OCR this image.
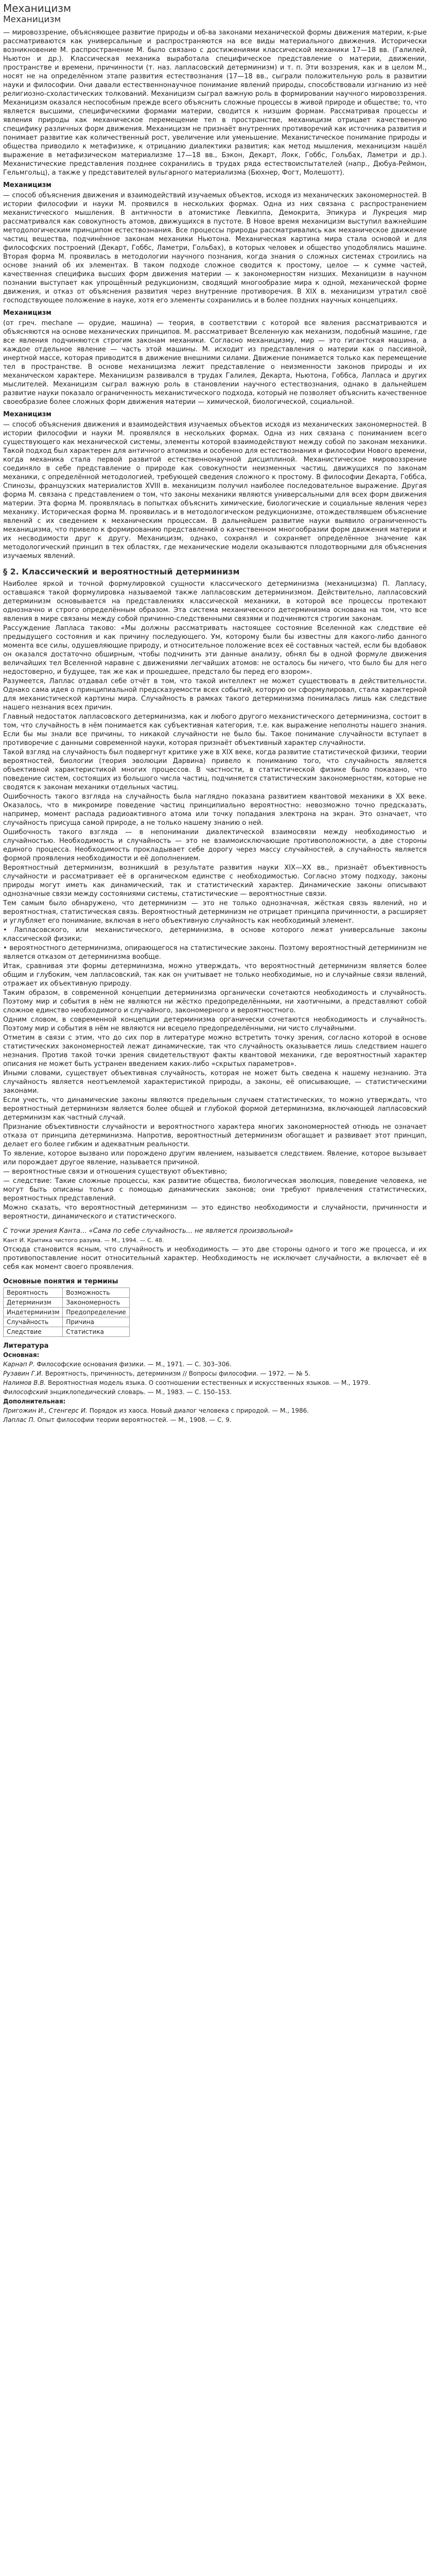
Механицизм
Механицизм
— мировоззрение, объясняющее развитие природы и об-ва законами механической формы движения материи, к-рые рассматриваются как универсальные и распространяются на все виды материального движения. Исторически возникновение М. распространение М. было связано с достижениями классической механики 17—18 вв. (Галилей, Ньютон и др.). Классическая механика выработала специфическое представление о материи, движении, пространстве и времени, причинности (т. наз. лапласовский детерминизм) и т. п. Эти воззрения, как и в целом М., носят не на определённом этапе развития естествознания (17—18 вв., сыграли положительную роль в развитии науки и философии. Они давали естественнонаучное понимание явлений природы, способствовали изгнанию из неё религиозно-схоластических толкований. Механицизм сыграл важную роль в формировании научного мировоззрения. Механицизм оказался неспособным прежде всего объяснить сложные процессы в живой природе и обществе; то, что является высшими, специфическими формами материи, сводится к низшим формам. Рассматривая процессы и явления природы как механическое перемещение тел в пространстве, механицизм отрицает качественную специфику различных форм движения. Механицизм не признаёт внутренних противоречий как источника развития и понимает развитие как количественный рост, увеличение или уменьшение. Механистическое понимание природы и общества приводило к метафизике, к отрицанию диалектики развития; как метод мышления, механицизм нашёл выражение в метафизическом материализме 17—18 вв., Бэкон, Декарт, Локк, Гоббс, Гольбах, Ламетри и др.). Механистические представления позднее сохранились в трудах ряда естествоиспытателей (напр., Дюбуа-Реймон, Гельмгольц), а также у представителей вульгарного материализма (Бюхнер, Фогт, Молешотт).
Механицизм
— способ объяснения движения и взаимодействий изучаемых объектов, исходя из механических закономерностей. В истории философии и науки М. проявился в нескольких формах. Одна из них связана с распространением механистического мышления. В античности в атомистике Левкиппа, Демокрита, Эпикура и Лукреция мир рассматривался как совокупность атомов, движущихся в пустоте. В Новое время механицизм выступил важнейшим методологическим принципом естествознания. Все процессы природы рассматривались как механическое движение частиц вещества, подчинённое законам механики Ньютона. Механическая картина мира стала основой и для философских построений (Декарт, Гоббс, Ламетри, Гольбах), в которых человек и общество уподоблялись машине. Вторая форма М. проявилась в методологии научного познания, когда знания о сложных системах строились на основе знаний об их элементах. В таком подходе сложное сводится к простому, целое — к сумме частей, качественная специфика высших форм движения материи — к закономерностям низших. Механицизм в научном познании выступает как упрощённый редукционизм, сводящий многообразие мира к одной, механической форме движения, и отказ от объяснения развития через внутренние противоречия. В XIX в. механицизм утратил своё господствующее положение в науке, хотя его элементы сохранились и в более поздних научных концепциях.
Механицизм
(от греч. mechane — орудие, машина) — теория, в соответствии с которой все явления рассматриваются и объясняются на основе механических принципов. М. рассматривает Вселенную как механизм, подобный машине, где все явления подчиняются строгим законам механики. Согласно механицизму, мир — это гигантская машина, а каждое отдельное явление — часть этой машины. М. исходит из представления о материи как о пассивной, инертной массе, которая приводится в движение внешними силами. Движение понимается только как перемещение тел в пространстве. В основе механицизма лежит представление о неизменности законов природы и их механическом характере. Механицизм развивался в трудах Галилея, Декарта, Ньютона, Гоббса, Лапласа и других мыслителей. Механицизм сыграл важную роль в становлении научного естествознания, однако в дальнейшем развитие науки показало ограниченность механистического подхода, который не позволяет объяснить качественное своеобразие более сложных форм движения материи — химической, биологической, социальной.
Механицизм
— способ объяснения движения и взаимодействия изучаемых объектов исходя из механических закономерностей. В истории философии и науки М. проявлялся в нескольких формах. Одна из них связана с пониманием всего существующего как механической системы, элементы которой взаимодействуют между собой по законам механики. Такой подход был характерен для античного атомизма и особенно для естествознания и философии Нового времени, когда механика стала первой развитой естественнонаучной дисциплиной. Механистическое мировоззрение соединяло в себе представление о природе как совокупности неизменных частиц, движущихся по законам механики, с определённой методологией, требующей сведения сложного к простому. В философии Декарта, Гоббса, Спинозы, французских материалистов XVIII в. механицизм получил наиболее последовательное выражение. Другая форма М. связана с представлением о том, что законы механики являются универсальными для всех форм движения материи. Эта форма М. проявлялась в попытках объяснить химические, биологические и социальные явления через механику. Историческая форма М. проявилась и в методологическом редукционизме, отождествлявшем объяснение явлений с их сведением к механическим процессам. В дальнейшем развитие науки выявило ограниченность механицизма, что привело к формированию представлений о качественном многообразии форм движения материи и их несводимости друг к другу. Механицизм, однако, сохранял и сохраняет определённое значение как методологический принцип в тех областях, где механические модели оказываются плодотворными для объяснения изучаемых явлений.
§ 2. Классический и вероятностный детерминизм
Наиболее яркой и точной формулировкой сущности классического детерминизма (механицизма) П. Лапласу, оставшаяся такой формулировка называемой также лапласовским детерминизмом. Действительно, лапласовский детерминизм основывается на представлениях классической механики, в которой все процессы протекают однозначно и строго определённым образом. Эта система механического детерминизма основана на том, что все явления в мире связаны между собой причинно-следственными связями и подчиняются строгим законам.
Рассуждение Лапласа таково: «Мы должны рассматривать настоящее состояние Вселенной как следствие её предыдущего состояния и как причину последующего. Ум, которому были бы известны для какого-либо данного момента все силы, одушевляющие природу, и относительное положение всех её составных частей, если бы вдобавок он оказался достаточно обширным, чтобы подчинить эти данные анализу, обнял бы в одной формуле движения величайших тел Вселенной наравне с движениями легчайших атомов: не осталось бы ничего, что было бы для него недостоверно, и будущее, так же как и прошедшее, предстало бы перед его взором».
Разумеется, Лаплас отдавал себе отчёт в том, что такой интеллект не может существовать в действительности. Однако сама идея о принципиальной предсказуемости всех событий, которую он сформулировал, стала характерной для механистической картины мира. Случайность в рамках такого детерминизма понималась лишь как следствие нашего незнания всех причин.
Главный недостаток лапласовского детерминизма, как и любого другого механистического детерминизма, состоит в том, что случайность в нём понимается как субъективная категория, т.е. как выражение неполноты нашего знания. Если бы мы знали все причины, то никакой случайности не было бы. Такое понимание случайности вступает в противоречие с данными современной науки, которая признаёт объективный характер случайности.
Такой взгляд на случайность был подвергнут критике уже в XIX веке, когда развитие статистической физики, теории вероятностей, биологии (теория эволюции Дарвина) привело к пониманию того, что случайность является объективной характеристикой многих процессов. В частности, в статистической физике было показано, что поведение систем, состоящих из большого числа частиц, подчиняется статистическим закономерностям, которые не сводятся к законам механики отдельных частиц.
Ошибочность такого взгляда на случайность была наглядно показана развитием квантовой механики в XX веке. Оказалось, что в микромире поведение частиц принципиально вероятностно: невозможно точно предсказать, например, момент распада радиоактивного атома или точку попадания электрона на экран. Это означает, что случайность присуща самой природе, а не только нашему знанию о ней.
Ошибочность такого взгляда — в непонимании диалектической взаимосвязи между необходимостью и случайностью. Необходимость и случайность — это не взаимоисключающие противоположности, а две стороны единого процесса. Необходимость прокладывает себе дорогу через массу случайностей, а случайность является формой проявления необходимости и её дополнением.
Вероятностный детерминизм, возникший в результате развития науки XIX—XX вв., признаёт объективность случайности и рассматривает её в органическом единстве с необходимостью. Согласно этому подходу, законы природы могут иметь как динамический, так и статистический характер. Динамические законы описывают однозначные связи между состояниями системы, статистические — вероятностные связи.
Тем самым было обнаружено, что детерминизм — это не только однозначная, жёсткая связь явлений, но и вероятностная, статистическая связь. Вероятностный детерминизм не отрицает принципа причинности, а расширяет и углубляет его понимание, включая в него объективную случайность как необходимый элемент.
• Лапласовского, или механистического, детерминизма, в основе которого лежат универсальные законы классической физики;
• вероятностного детерминизма, опирающегося на статистические законы. Поэтому вероятностный детерминизм не является отказом от детерминизма вообще.
Итак, сравнивая эти формы детерминизма, можно утверждать, что вероятностный детерминизм является более общим и глубоким, чем лапласовский, так как он учитывает не только необходимые, но и случайные связи явлений, отражает их объективную природу.
Таким образом, в современной концепции детерминизма органически сочетаются необходимость и случайность. Поэтому мир и события в нём не являются ни жёстко предопределёнными, ни хаотичными, а представляют собой сложное единство необходимого и случайного, закономерного и вероятностного.
Одним словом, в современной концепции детерминизма органически сочетаются необходимость и случайность. Поэтому мир и события в нём не являются ни всецело предопределёнными, ни чисто случайными.
Отметим в связи с этим, что до сих пор в литературе можно встретить точку зрения, согласно которой в основе статистических закономерностей лежат динамические, так что случайность оказывается лишь следствием нашего незнания. Против такой точки зрения свидетельствуют факты квантовой механики, где вероятностный характер описания не может быть устранен введением каких-либо «скрытых параметров».
Иными словами, существует объективная случайность, которая не может быть сведена к нашему незнанию. Эта случайность является неотъемлемой характеристикой природы, а законы, её описывающие, — статистическими законами.
Если учесть, что динамические законы являются предельным случаем статистических, то можно утверждать, что вероятностный детерминизм является более общей и глубокой формой детерминизма, включающей лапласовский детерминизм как частный случай.
Признание объективности случайности и вероятностного характера многих закономерностей отнюдь не означает отказа от принципа детерминизма. Напротив, вероятностный детерминизм обогащает и развивает этот принцип, делает его более гибким и адекватным реальности.
То явление, которое вызвано или порождено другим явлением, называется следствием. Явление, которое вызывает или порождает другое явление, называется причиной.
— вероятностные связи и отношения существуют объективно;
— следствие: Такие сложные процессы, как развитие общества, биологическая эволюция, поведение человека, не могут быть описаны только с помощью динамических законов; они требуют привлечения статистических, вероятностных представлений.
Можно сказать, что вероятностный детерминизм — это единство необходимости и случайности, причинности и вероятности, динамического и статистического.
С точки зрения Канта... «Сама по себе случайность... не является произвольной»
Кант И. Критика чистого разума. — М., 1994. — С. 48.
Отсюда становится ясным, что случайность и необходимость — это две стороны одного и того же процесса, и их противопоставление носит относительный характер. Необходимость не исключает случайности, а включает её в себя как момент своего проявления.
Основные понятия и термины
Вероятность	Возможность
Детерминизм	Закономерность
Индетерминизм	Предопределение
Случайность	Причина
Следствие	Статистика
Литература
Основная:
Карнап Р. Философские основания физики. — М., 1971. — С. 303–306.
Рузавин Г.И. Вероятность, причинность, детерминизм // Вопросы философии. — 1972. — № 5.
Налимов В.В. Вероятностная модель языка. О соотношении естественных и искусственных языков. — М., 1979.
Философский энциклопедический словарь. — М., 1983. — С. 150–153.
Дополнительная:
Пригожин И., Стенгерс И. Порядок из хаоса. Новый диалог человека с природой. — М., 1986.
Лаплас П. Опыт философии теории вероятностей. — М., 1908. — С. 9.
